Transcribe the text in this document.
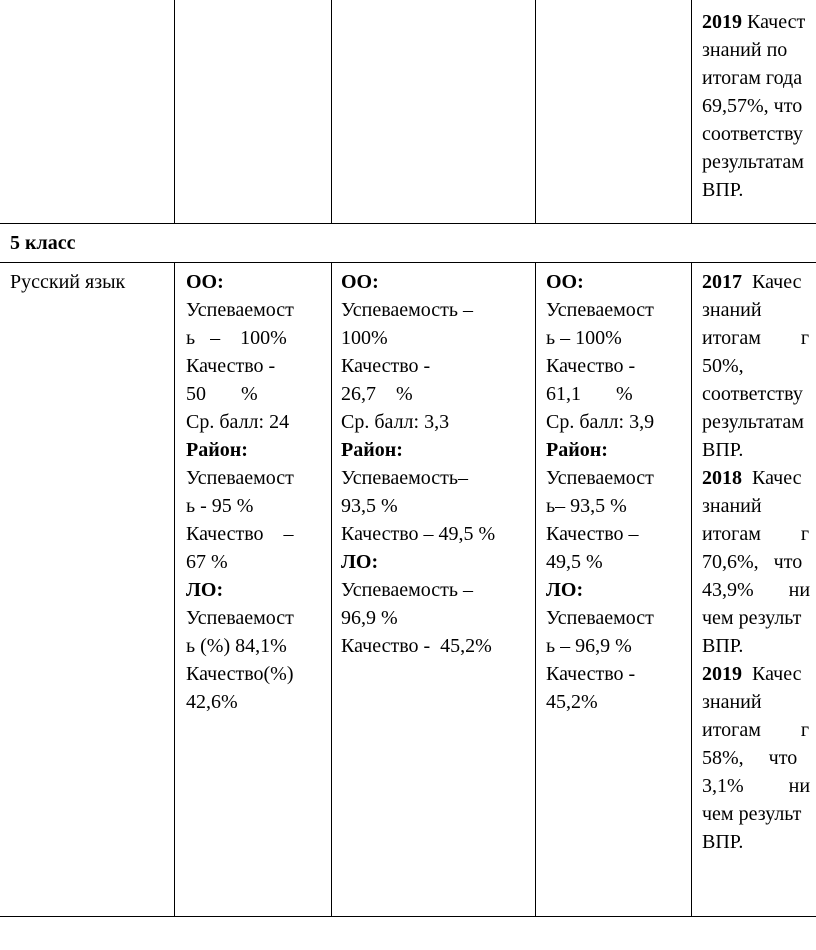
2019 Качест
знаний по
итогам года
69,57%, что
соответству
результатам
ВПР.
5 класс
Русский язык	ОО:
Успеваемост
ь   –    100%
Качество -
50       %
Ср. балл: 24
Район:
Успеваемост
ь - 95 %
Качество    –
67 %
ЛО:
Успеваемост
ь (%) 84,1%
Качество(%)
42,6%
ОО:
Успеваемость –
100%
Качество -
26,7    %
Ср. балл: 3,3
Район:
Успеваемость–
93,5 %
Качество – 49,5 %
ЛО:
Успеваемость –
96,9 %
Качество -  45,2%
ОО:
Успеваемост
ь – 100%
Качество -
61,1       %
Ср. балл: 3,9
Район:
Успеваемост
ь– 93,5 %
Качество –
49,5 %
ЛО:
Успеваемост
ь – 96,9 %
Качество -
45,2%
2017  Качес
знаний
итогам        г
50%,
соответству
результатам
ВПР.
2018  Качес
знаний
итогам        г
70,6%,   что
43,9%       ни
чем результ
ВПР.
2019  Качес
знаний
итогам        г
58%,     что
3,1%         ни
чем результ
ВПР.
